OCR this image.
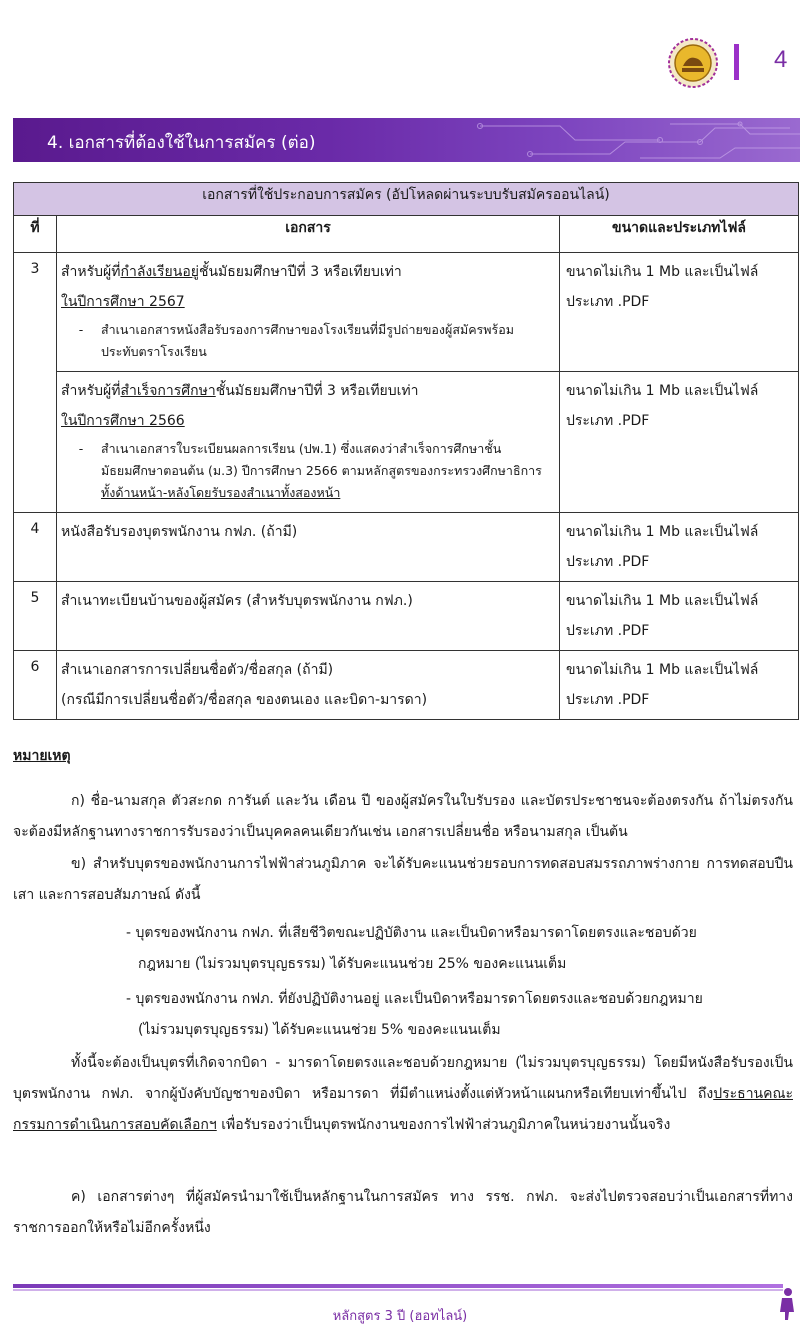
4
4. เอกสารที่ต้องใช้ในการสมัคร (ต่อ)
เอกสารที่ใช้ประกอบการสมัคร (อัปโหลดผ่านระบบรับสมัครออนไลน์)		
ที่	เอกสาร	ขนาดและประเภทไฟล์
3	สำหรับผู้ที่กำลังเรียนอยู่ชั้นมัธยมศึกษาปีที่ 3 หรือเทียบเท่า
ในปีการศึกษา 2567
- สำเนาเอกสารหนังสือรับรองการศึกษาของโรงเรียนที่มีรูปถ่ายของผู้สมัครพร้อมประทับตราโรงเรียน	ขนาดไม่เกิน 1 Mb และเป็นไฟล์ประเภท .PDF

	สำหรับผู้ที่สำเร็จการศึกษาชั้นมัธยมศึกษาปีที่ 3 หรือเทียบเท่า
ในปีการศึกษา 2566
- สำเนาเอกสารใบระเบียนผลการเรียน (ปพ.1) ซึ่งแสดงว่าสำเร็จการศึกษาชั้นมัธยมศึกษาตอนต้น (ม.3) ปีการศึกษา 2566 ตามหลักสูตรของกระทรวงศึกษาธิการ ทั้งด้านหน้า-หลังโดยรับรองสำเนาทั้งสองหน้า	ขนาดไม่เกิน 1 Mb และเป็นไฟล์ประเภท .PDF
4	หนังสือรับรองบุตรพนักงาน กฟภ. (ถ้ามี)	ขนาดไม่เกิน 1 Mb และเป็นไฟล์ประเภท .PDF
5	สำเนาทะเบียนบ้านของผู้สมัคร (สำหรับบุตรพนักงาน กฟภ.)	ขนาดไม่เกิน 1 Mb และเป็นไฟล์ประเภท .PDF
6	สำเนาเอกสารการเปลี่ยนชื่อตัว/ชื่อสกุล (ถ้ามี)
(กรณีมีการเปลี่ยนชื่อตัว/ชื่อสกุล ของตนเอง และบิดา-มารดา)	ขนาดไม่เกิน 1 Mb และเป็นไฟล์ประเภท .PDF
หมายเหตุ
ก) ชื่อ-นามสกุล ตัวสะกด การันต์ และวัน เดือน ปี ของผู้สมัครในใบรับรอง และบัตรประชาชนจะต้องตรงกัน ถ้าไม่ตรงกันจะต้องมีหลักฐานทางราชการรับรองว่าเป็นบุคคลคนเดียวกันเช่น เอกสารเปลี่ยนชื่อ หรือนามสกุล เป็นต้น
ข) สำหรับบุตรของพนักงานการไฟฟ้าส่วนภูมิภาค จะได้รับคะแนนช่วยรอบการทดสอบสมรรถภาพร่างกาย การทดสอบปืนเสา และการสอบสัมภาษณ์ ดังนี้
- บุตรของพนักงาน กฟภ. ที่เสียชีวิตขณะปฏิบัติงาน และเป็นบิดาหรือมารดาโดยตรงและชอบด้วย
กฎหมาย (ไม่รวมบุตรบุญธรรม) ได้รับคะแนนช่วย 25% ของคะแนนเต็ม
- บุตรของพนักงาน กฟภ. ที่ยังปฏิบัติงานอยู่ และเป็นบิดาหรือมารดาโดยตรงและชอบด้วยกฎหมาย
(ไม่รวมบุตรบุญธรรม) ได้รับคะแนนช่วย 5% ของคะแนนเต็ม
ทั้งนี้จะต้องเป็นบุตรที่เกิดจากบิดา - มารดาโดยตรงและชอบด้วยกฎหมาย (ไม่รวมบุตรบุญธรรม) โดยมีหนังสือรับรองเป็นบุตรพนักงาน กฟภ. จากผู้บังคับบัญชาของบิดา หรือมารดา ที่มีตำแหน่งตั้งแต่หัวหน้าแผนกหรือเทียบเท่าขึ้นไป ถึงประธานคณะกรรมการดำเนินการสอบคัดเลือกฯ เพื่อรับรองว่าเป็นบุตรพนักงานของการไฟฟ้าส่วนภูมิภาคในหน่วยงานนั้นจริง
ค) เอกสารต่างๆ ที่ผู้สมัครนำมาใช้เป็นหลักฐานในการสมัคร ทาง รรช. กฟภ. จะส่งไปตรวจสอบว่าเป็นเอกสารที่ทางราชการออกให้หรือไม่อีกครั้งหนึ่ง
หลักสูตร 3 ปี (ฮอทไลน์)
